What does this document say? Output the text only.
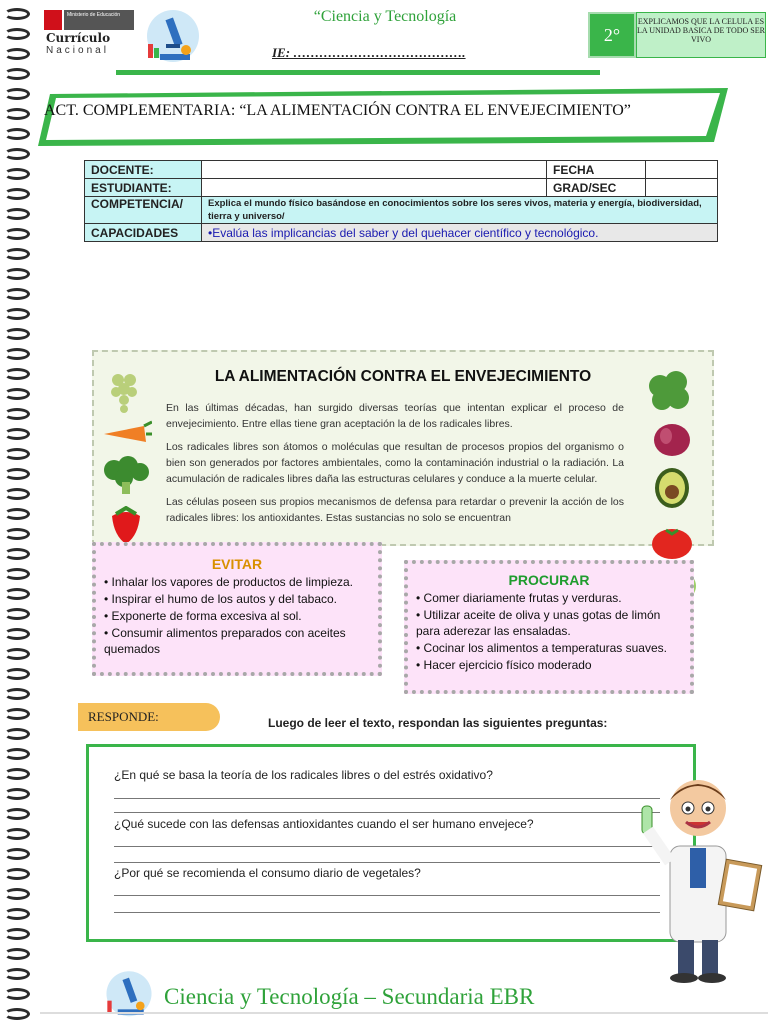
Ministerio de Educación
Currículo
Nacional
“Ciencia y Tecnología
IE: ………………………………….
2°
EXPLICAMOS QUE LA CELULA ES LA UNIDAD BASICA DE TODO SER VIVO
ACT. COMPLEMENTARIA: “LA ALIMENTACIÓN CONTRA EL ENVEJECIMIENTO”
DOCENTE:		FECHA	
ESTUDIANTE:		GRAD/SEC	
COMPETENCIA/	Explica el mundo físico basándose en conocimientos sobre los seres vivos, materia y energía, biodiversidad, tierra y universo/		
CAPACIDADES	•Evalúa las implicancias del saber y del quehacer científico y tecnológico.		
LA ALIMENTACIÓN CONTRA EL ENVEJECIMIENTO

En las últimas décadas, han surgido diversas teorías que intentan explicar el proceso de envejecimiento. Entre ellas tiene gran aceptación la de los radicales libres.

Los radicales libres son átomos o moléculas que resultan de procesos propios del organismo o bien son generados por factores ambientales, como la contaminación industrial o la radiación. La acumulación de radicales libres daña las estructuras celulares y conduce a la muerte celular.

Las células poseen sus propios mecanismos de defensa para retardar o prevenir la acción de los radicales libres: los antioxidantes. Estas sustancias no solo se encuentran

EVITAR
• Inhalar los vapores de productos de limpieza.
• Inspirar el humo de los autos y del tabaco.
• Exponerte de forma excesiva al sol.
• Consumir alimentos preparados con aceites quemados
PROCURAR
• Comer diariamente frutas y verduras.
• Utilizar aceite de oliva y unas gotas de limón para aderezar las ensaladas.
• Cocinar los alimentos a temperaturas suaves.
• Hacer ejercicio físico moderado
RESPONDE:	Luego de leer el texto, respondan las siguientes preguntas:
¿En qué se basa la teoría de los radicales libres o del estrés oxidativo?
¿Qué sucede con las defensas antioxidantes cuando el ser humano envejece?
¿Por qué se recomienda el consumo diario de vegetales?
Ciencia y Tecnología – Secundaria EBR
